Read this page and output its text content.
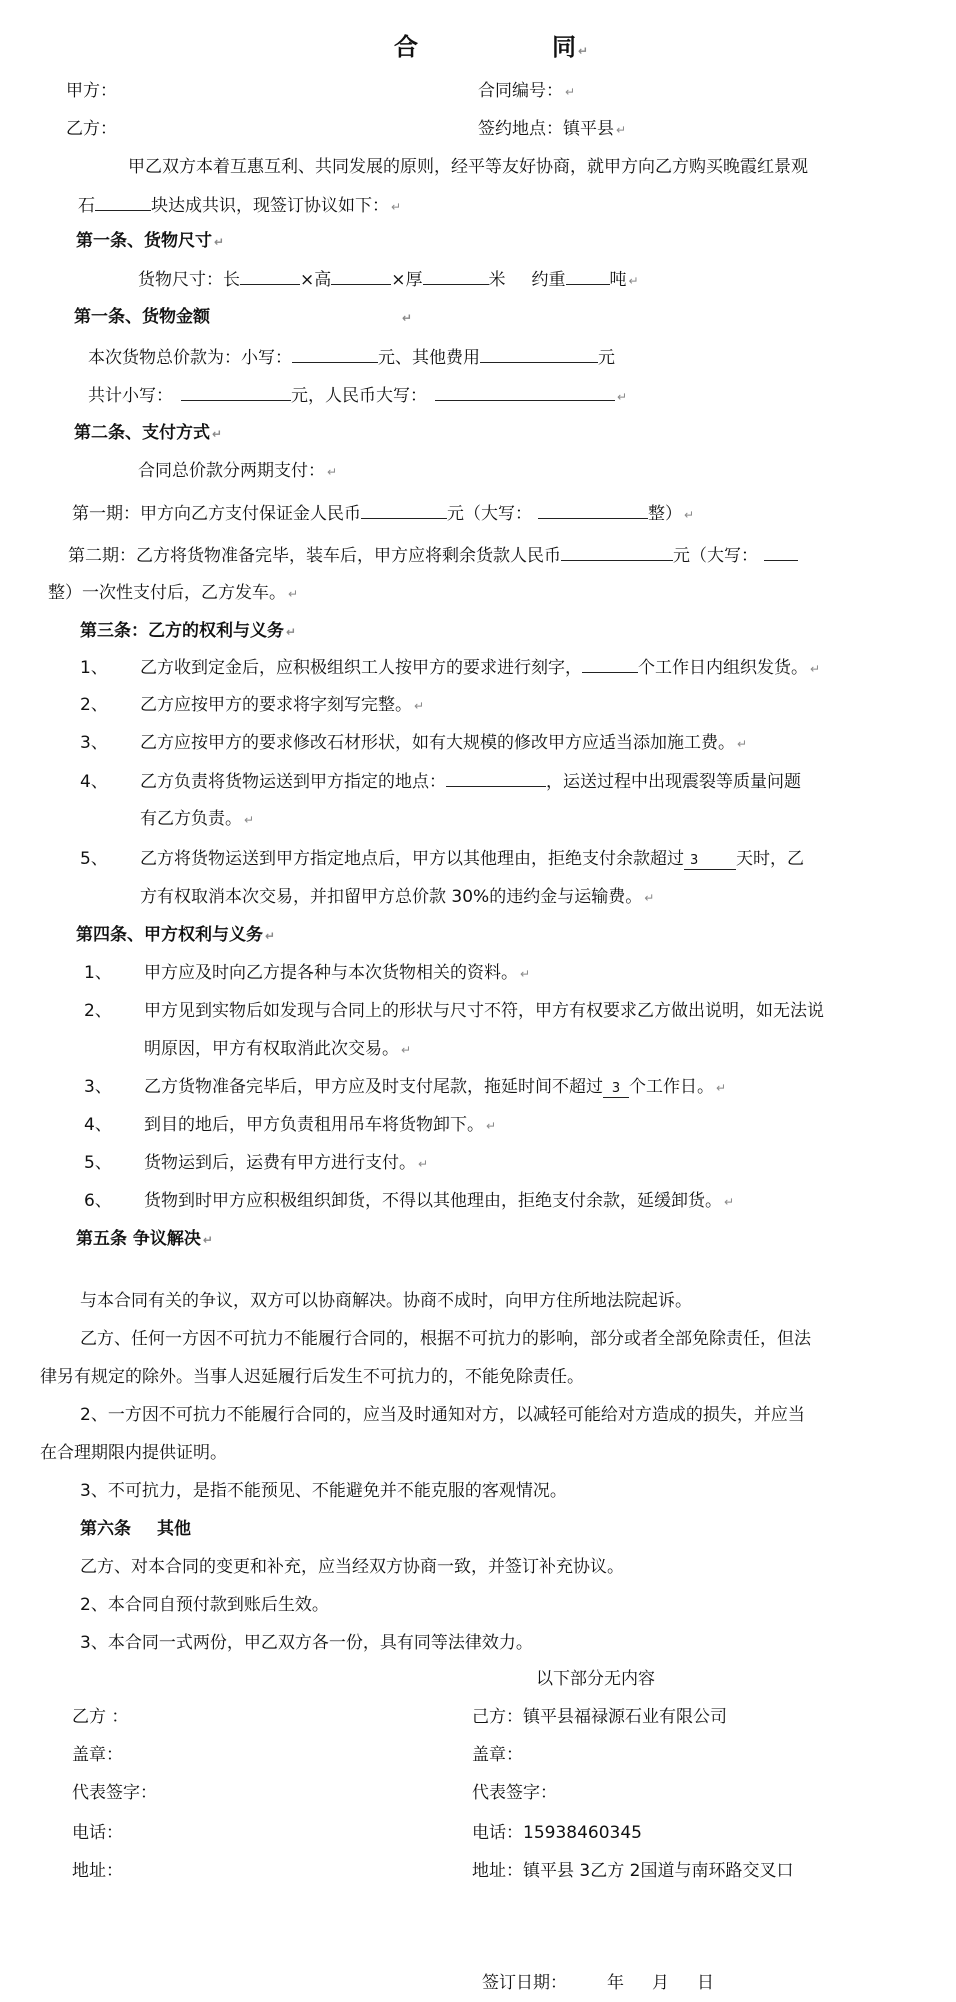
合	同 ↵
甲方：	合同编号： ↵
乙方：	签约地点：镇平县 ↵
甲乙双方本着互惠互利、共同发展的原则，经平等友好协商，就甲方向乙方购买晚霞红景观
石	块达成共识，现签订协议如下： ↵
第一条、货物尺寸 ↵
货物尺寸：长	×高	×厚	米 约重	吨 ↵
第一条、货物金额	↵
本次货物总价款为：小写：	元、其他费用	元
共计小写：	元，人民币大写：	↵
第二条、支付方式 ↵
合同总价款分两期支付： ↵
第一期：甲方向乙方支付保证金人民币	元（大写：	整） ↵
第二期：乙方将货物准备完毕，装车后，甲方应将剩余货款人民币	元（大写：
整）一次性支付后，乙方发车。 ↵
第三条：乙方的权利与义务 ↵
1、 乙方收到定金后，应积极组织工人按甲方的要求进行刻字，	个工作日内组织发货。 ↵
2、 乙方应按甲方的要求将字刻写完整。 ↵
3、 乙方应按甲方的要求修改石材形状，如有大规模的修改甲方应适当添加施工费。 ↵
4、 乙方负责将货物运送到甲方指定的地点：	，运送过程中出现震裂等质量问题
有乙方负责。 ↵
5、 乙方将货物运送到甲方指定地点后，甲方以其他理由，拒绝支付余款超过 3 天时，乙
方有权取消本次交易，并扣留甲方总价款 30%的违约金与运输费。 ↵
第四条、甲方权利与义务 ↵
1、 甲方应及时向乙方提各种与本次货物相关的资料。 ↵
2、 甲方见到实物后如发现与合同上的形状与尺寸不符，甲方有权要求乙方做出说明，如无法说
明原因，甲方有权取消此次交易。 ↵
3、 乙方货物准备完毕后，甲方应及时支付尾款，拖延时间不超过 3 个工作日。 ↵
4、 到目的地后，甲方负责租用吊车将货物卸下。 ↵
5、 货物运到后，运费有甲方进行支付。 ↵
6、 货物到时甲方应积极组织卸货，不得以其他理由，拒绝支付余款，延缓卸货。 ↵
第五条 争议解决 ↵
与本合同有关的争议，双方可以协商解决。协商不成时，向甲方住所地法院起诉。
乙方、任何一方因不可抗力不能履行合同的，根据不可抗力的影响，部分或者全部免除责任，但法
律另有规定的除外。当事人迟延履行后发生不可抗力的，不能免除责任。
2、一方因不可抗力不能履行合同的，应当及时通知对方，以减轻可能给对方造成的损失，并应当
在合理期限内提供证明。
3、不可抗力，是指不能预见、不能避免并不能克服的客观情况。
第六条 其他
乙方、对本合同的变更和补充，应当经双方协商一致，并签订补充协议。
2、本合同自预付款到账后生效。
3、本合同一式两份，甲乙双方各一份，具有同等法律效力。
以下部分无内容
乙方 ：	己方：镇平县福禄源石业有限公司
盖章：	盖章：
代表签字：	代表签字：
电话：	电话：15938460345
地址：	地址：镇平县 3乙方 2国道与南环路交叉口
签订日期： 年 月 日
